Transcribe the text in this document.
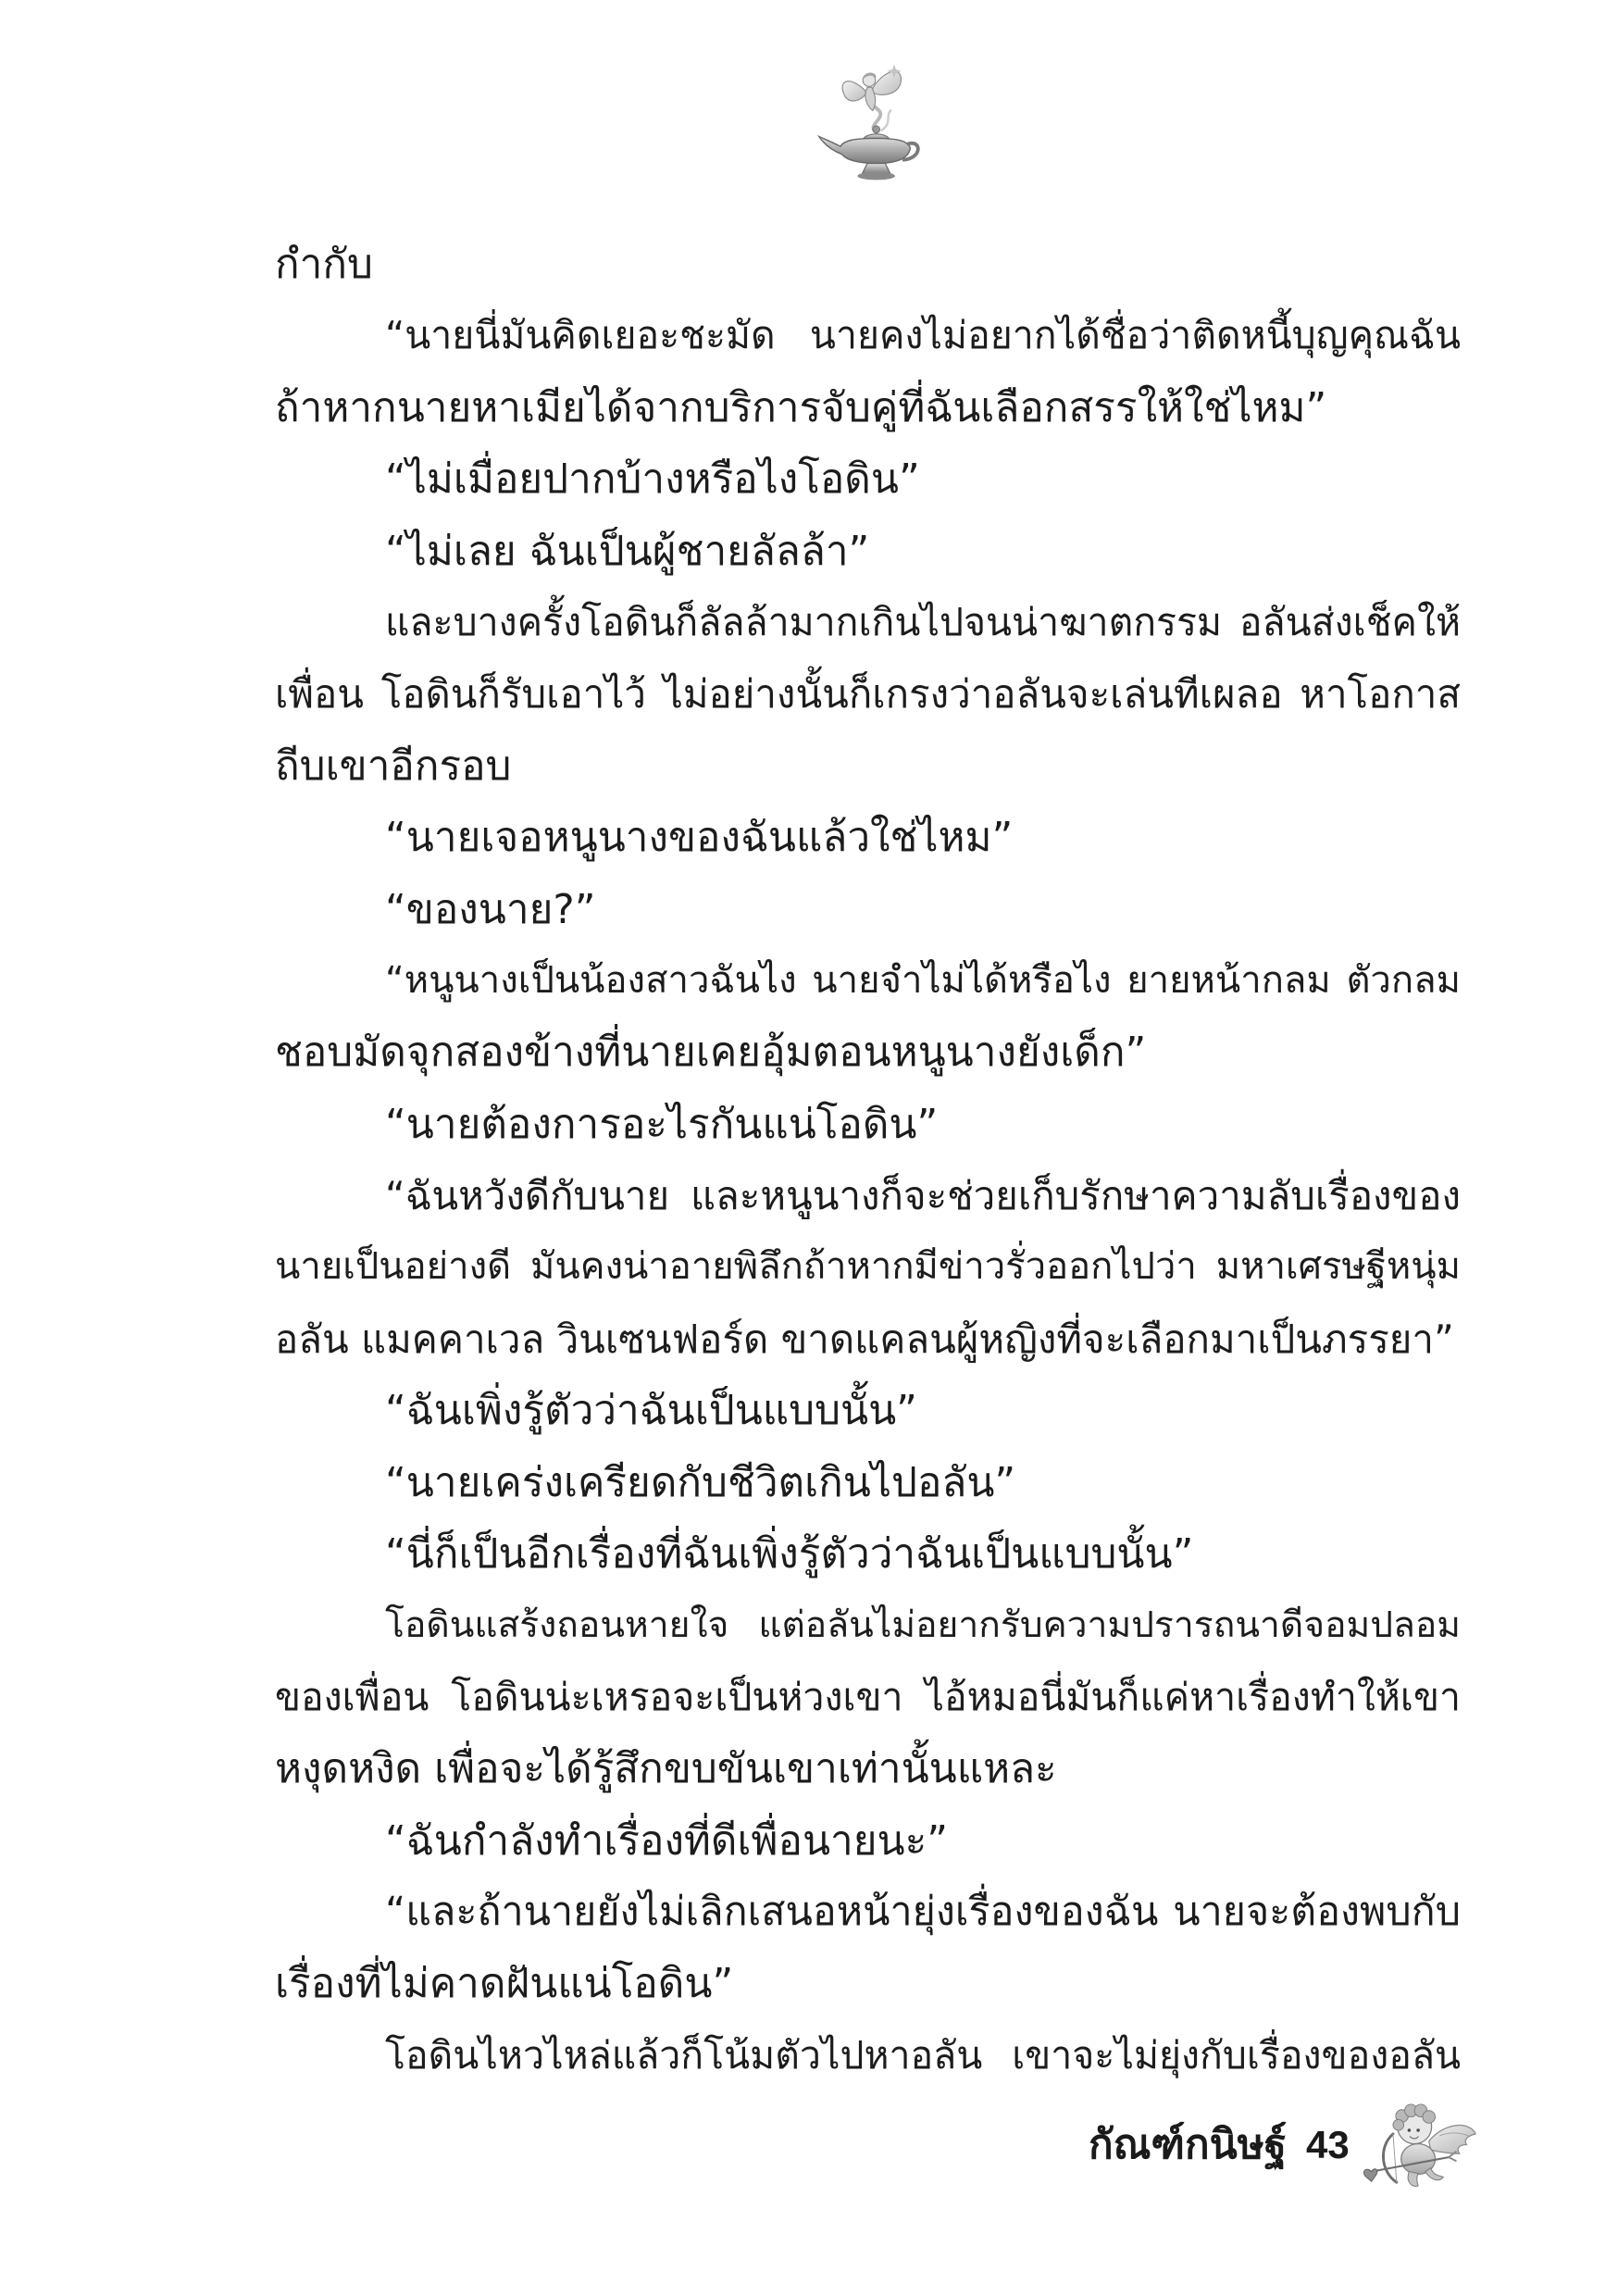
กำกับ
“นายนี่มันคิดเยอะชะมัด นายคงไม่อยากได้ชื่อว่าติดหนี้บุญคุณฉัน
ถ้าหากนายหาเมียได้จากบริการจับคู่ที่ฉันเลือกสรรให้ใช่ไหม”
“ไม่เมื่อยปากบ้างหรือไงโอดิน”
“ไม่เลย ฉันเป็นผู้ชายลัลล้า”
และบางครั้งโอดินก็ลัลล้ามากเกินไปจนน่าฆาตกรรม อลันส่งเช็คให้
เพื่อน โอดินก็รับเอาไว้ ไม่อย่างนั้นก็เกรงว่าอลันจะเล่นทีเผลอ หาโอกาส
ถีบเขาอีกรอบ
“นายเจอหนูนางของฉันแล้วใช่ไหม”
“ของนาย?”
“หนูนางเป็นน้องสาวฉันไง นายจำไม่ได้หรือไง ยายหน้ากลม ตัวกลม
ชอบมัดจุกสองข้างที่นายเคยอุ้มตอนหนูนางยังเด็ก”
“นายต้องการอะไรกันแน่โอดิน”
“ฉันหวังดีกับนาย และหนูนางก็จะช่วยเก็บรักษาความลับเรื่องของ
นายเป็นอย่างดี มันคงน่าอายพิลึกถ้าหากมีข่าวรั่วออกไปว่า มหาเศรษฐีหนุ่ม
อลัน แมคคาเวล วินเซนฟอร์ด ขาดแคลนผู้หญิงที่จะเลือกมาเป็นภรรยา”
“ฉันเพิ่งรู้ตัวว่าฉันเป็นแบบนั้น”
“นายเคร่งเครียดกับชีวิตเกินไปอลัน”
“นี่ก็เป็นอีกเรื่องที่ฉันเพิ่งรู้ตัวว่าฉันเป็นแบบนั้น”
โอดินแสร้งถอนหายใจ แต่อลันไม่อยากรับความปรารถนาดีจอมปลอม
ของเพื่อน โอดินน่ะเหรอจะเป็นห่วงเขา ไอ้หมอนี่มันก็แค่หาเรื่องทำให้เขา
หงุดหงิด เพื่อจะได้รู้สึกขบขันเขาเท่านั้นแหละ
“ฉันกำลังทำเรื่องที่ดีเพื่อนายนะ”
“และถ้านายยังไม่เลิกเสนอหน้ายุ่งเรื่องของฉัน นายจะต้องพบกับ
เรื่องที่ไม่คาดฝันแน่โอดิน”
โอดินไหวไหล่แล้วก็โน้มตัวไปหาอลัน เขาจะไม่ยุ่งกับเรื่องของอลัน
กัณฑ์กนิษฐ์ 43
